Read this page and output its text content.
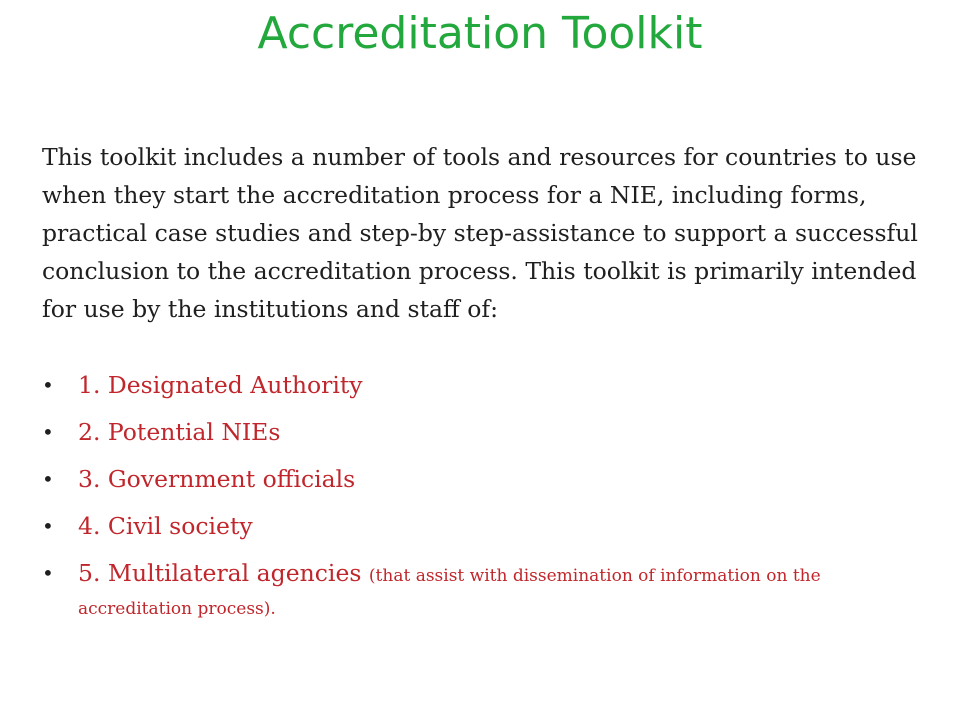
Accreditation Toolkit

This toolkit includes a number of tools and resources for countries to use when they start the accreditation process for a NIE, including forms, practical case studies and step-by step-assistance to support a successful conclusion to the accreditation process. This toolkit is primarily intended for use by the institutions and staff of:

• 1. Designated Authority
• 2. Potential NIEs
• 3. Government officials
• 4. Civil society
• 5. Multilateral agencies (that assist with dissemination of information on the accreditation process).
